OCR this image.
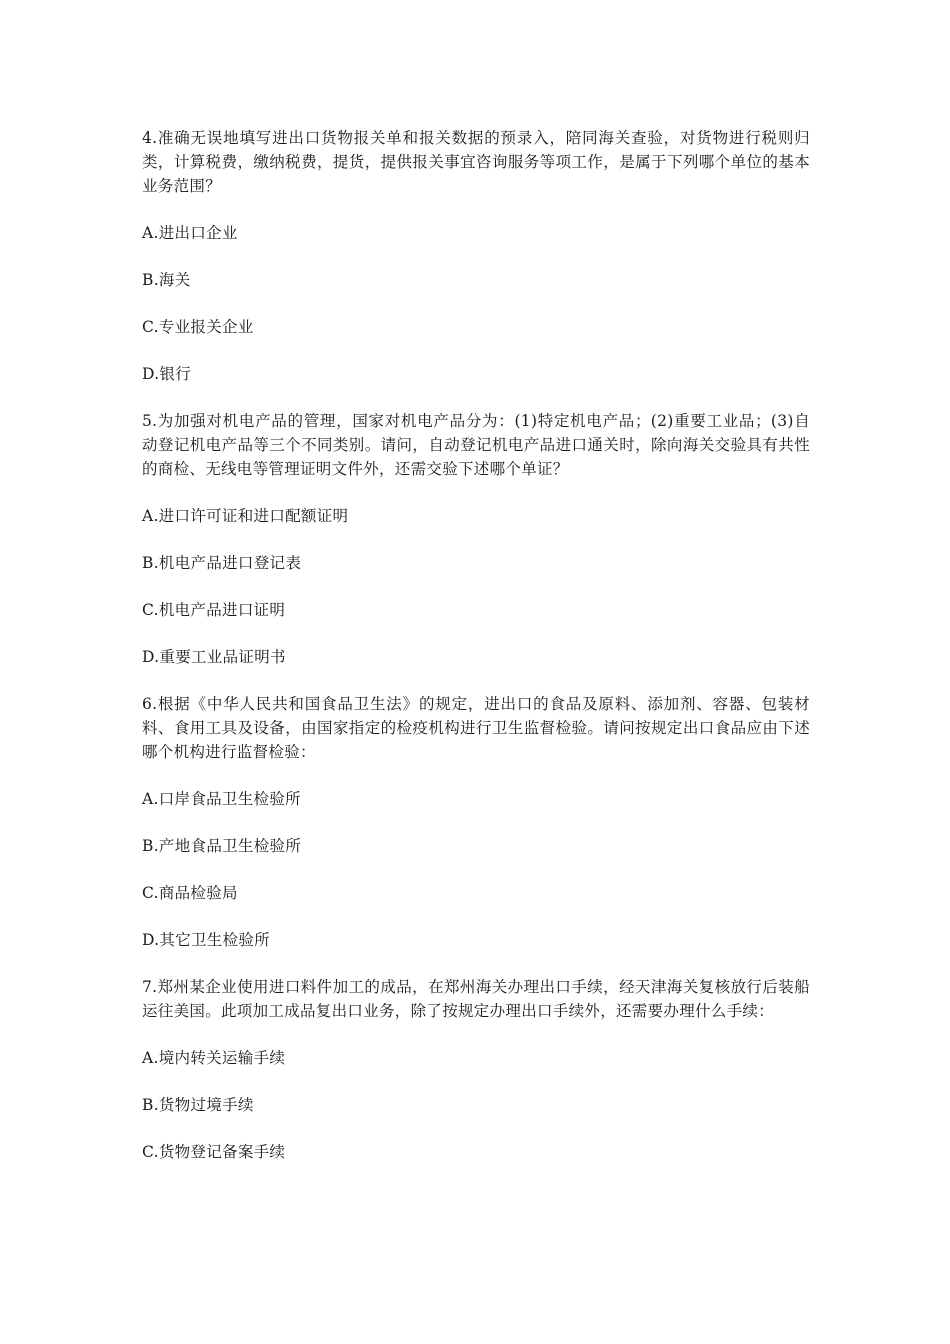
4.准确无误地填写进出口货物报关单和报关数据的预录入，陪同海关查验，对货物进行税则归类，计算税费，缴纳税费，提货，提供报关事宜咨询服务等项工作，是属于下列哪个单位的基本业务范围？

A.进出口企业

B.海关

C.专业报关企业

D.银行

5.为加强对机电产品的管理，国家对机电产品分为：(1)特定机电产品；(2)重要工业品；(3)自动登记机电产品等三个不同类别。请问，自动登记机电产品进口通关时，除向海关交验具有共性的商检、无线电等管理证明文件外，还需交验下述哪个单证？

A.进口许可证和进口配额证明

B.机电产品进口登记表

C.机电产品进口证明

D.重要工业品证明书

6.根据《中华人民共和国食品卫生法》的规定，进出口的食品及原料、添加剂、容器、包装材料、食用工具及设备，由国家指定的检疫机构进行卫生监督检验。请问按规定出口食品应由下述哪个机构进行监督检验：

A.口岸食品卫生检验所

B.产地食品卫生检验所

C.商品检验局

D.其它卫生检验所

7.郑州某企业使用进口料件加工的成品，在郑州海关办理出口手续，经天津海关复核放行后装船运往美国。此项加工成品复出口业务，除了按规定办理出口手续外，还需要办理什么手续：

A.境内转关运输手续

B.货物过境手续

C.货物登记备案手续
